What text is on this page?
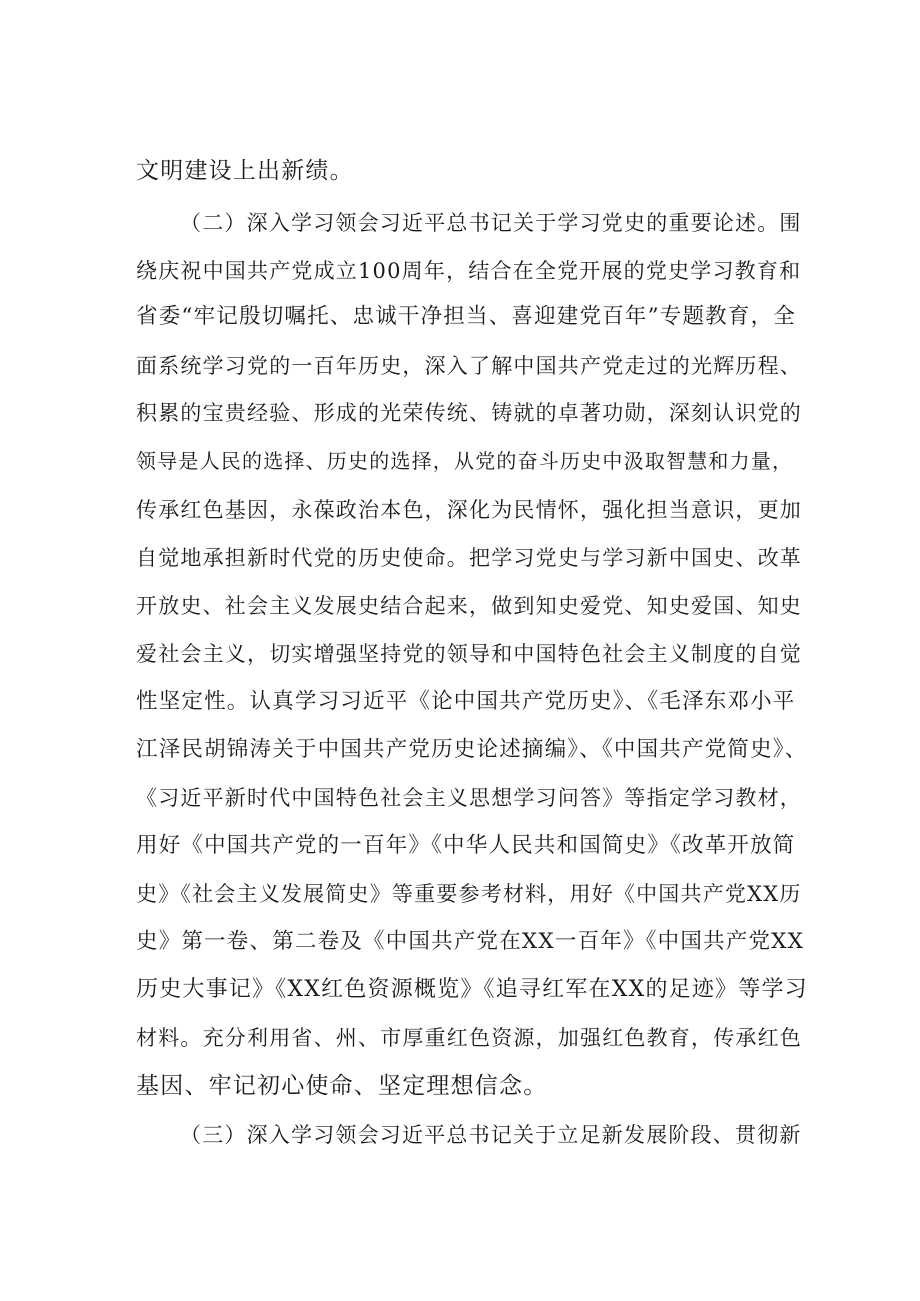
文明建设上出新绩。
（二）深入学习领会习近平总书记关于学习党史的重要论述。围
绕庆祝中国共产党成立100周年，结合在全党开展的党史学习教育和
省委“牢记殷切嘱托、忠诚干净担当、喜迎建党百年”专题教育，全
面系统学习党的一百年历史，深入了解中国共产党走过的光辉历程、
积累的宝贵经验、形成的光荣传统、铸就的卓著功勋，深刻认识党的
领导是人民的选择、历史的选择，从党的奋斗历史中汲取智慧和力量，
传承红色基因，永葆政治本色，深化为民情怀，强化担当意识，更加
自觉地承担新时代党的历史使命。把学习党史与学习新中国史、改革
开放史、社会主义发展史结合起来，做到知史爱党、知史爱国、知史
爱社会主义，切实增强坚持党的领导和中国特色社会主义制度的自觉
性坚定性。认真学习习近平《论中国共产党历史》、《毛泽东邓小平
江泽民胡锦涛关于中国共产党历史论述摘编》、《中国共产党简史》、
《习近平新时代中国特色社会主义思想学习问答》等指定学习教材，
用好《中国共产党的一百年》《中华人民共和国简史》《改革开放简
史》《社会主义发展简史》等重要参考材料，用好《中国共产党XX历
史》第一卷、第二卷及《中国共产党在XX一百年》《中国共产党XX
历史大事记》《XX红色资源概览》《追寻红军在XX的足迹》等学习
材料。充分利用省、州、市厚重红色资源，加强红色教育，传承红色
基因、牢记初心使命、坚定理想信念。
（三）深入学习领会习近平总书记关于立足新发展阶段、贯彻新
